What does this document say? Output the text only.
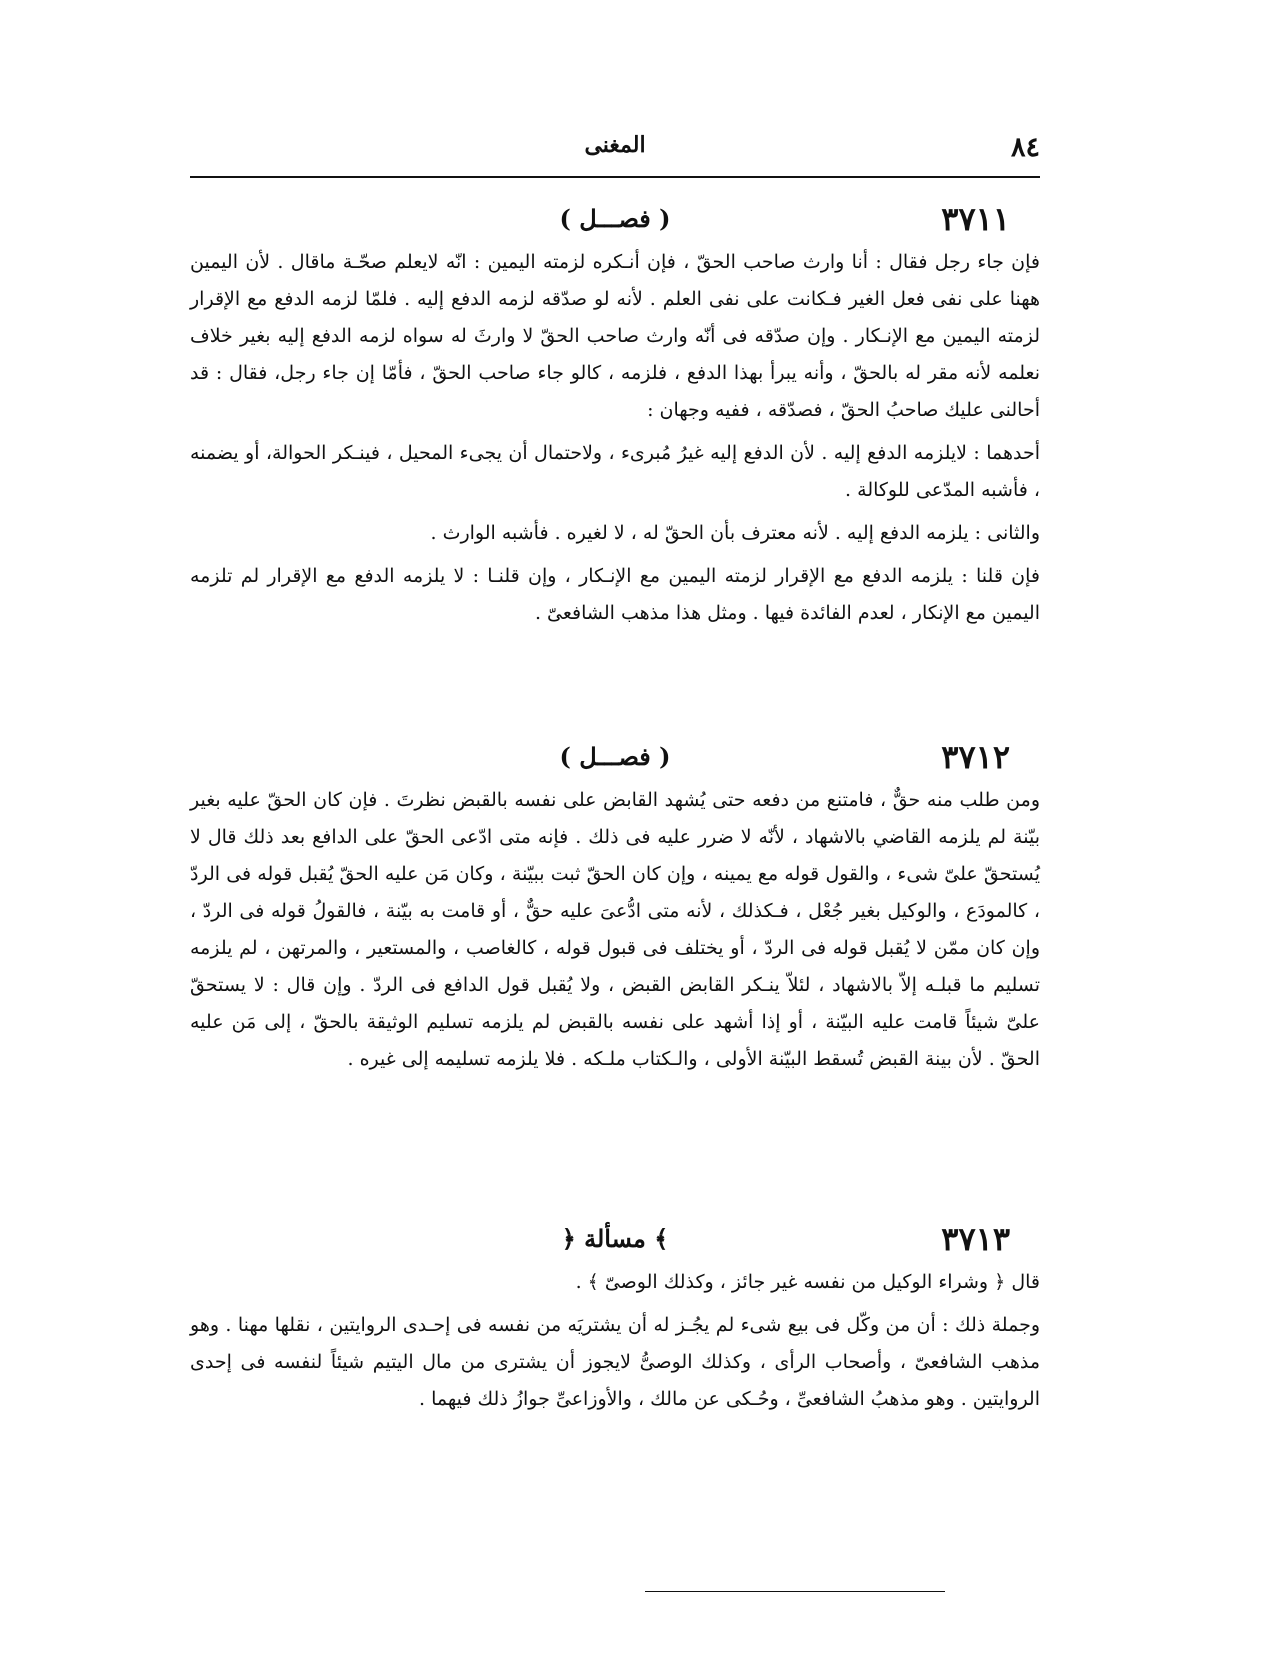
٨٤
المغنى
٣٧١١
( فصـــل )

فإن جاء رجل فقال : أنا وارث صاحب الحقّ ، فإن أنـكره لزمته اليمين : انّه لايعلم صحّـة ماقال . لأن اليمين ههنا على نفى فعل الغير فـكانت على نفى العلم . لأنه لو صدّقه لزمه الدفع إليه . فلمّا لزمه الدفع مع الإقرار لزمته اليمين مع الإنـكار . وإن صدّقه فى أنّه وارث صاحب الحقّ لا وارثَ له سواه لزمه الدفع إليه بغير خلاف نعلمه لأنه مقر له بالحقّ ، وأنه يبرأ بهذا الدفع ، فلزمه ، كالو جاء صاحب الحقّ ، فأمّا إن جاء رجل، فقال : قد أحالنى عليك صاحبُ الحقّ ، فصدّقه ، ففيه وجهان :

أحدهما : لايلزمه الدفع إليه . لأن الدفع إليه غيرُ مُبرىء ، ولاحتمال أن يجىء المحيل ، فينـكر الحوالة، أو يضمنه ، فأشبه المدّعى للوكالة .

والثانى : يلزمه الدفع إليه . لأنه معترف بأن الحقّ له ، لا لغيره . فأشبه الوارث .

فإن قلنا : يلزمه الدفع مع الإقرار لزمته اليمين مع الإنـكار ، وإن قلنـا : لا يلزمه الدفع مع الإقرار لم تلزمه اليمين مع الإنكار ، لعدم الفائدة فيها . ومثل هذا مذهب الشافعىّ .

٣٧١٢
( فصـــل )

ومن طلب منه حقٌّ ، فامتنع من دفعه حتى يُشهد القابض على نفسه بالقبض نظرتَ . فإن كان الحقّ عليه بغير بيّنة لم يلزمه القاضي بالاشهاد ، لأنّه لا ضرر عليه فى ذلك . فإنه متى ادّعى الحقّ على الدافع بعد ذلك قال لا يُستحقّ علىّ شىء ، والقول قوله مع يمينه ، وإن كان الحقّ ثبت ببيّنة ، وكان مَن عليه الحقّ يُقبل قوله فى الردّ ، كالمودَع ، والوكيل بغير جُعْل ، فـكذلك ، لأنه متى ادُّعىَ عليه حقٌّ ، أو قامت به بيّنة ، فالقولُ قوله فى الردّ ، وإن كان ممّن لا يُقبل قوله فى الردّ ، أو يختلف فى قبول قوله ، كالغاصب ، والمستعير ، والمرتهن ، لم يلزمه تسليم ما قبلـه إلاّ بالاشهاد ، لئلاّ ينـكر القابض القبض ، ولا يُقبل قول الدافع فى الردّ . وإن قال : لا يستحقّ علىّ شيئاً قامت عليه البيّنة ، أو إذا أشهد على نفسه بالقبض لم يلزمه تسليم الوثيقة بالحقّ ، إلى مَن عليه الحقّ . لأن بينة القبض تُسقط البيّنة الأولى ، والـكتاب ملـكه . فلا يلزمه تسليمه إلى غيره .

٣٧١٣
﴿ مسألة ﴾

قال ﴿ وشراء الوكيل من نفسه غير جائز ، وكذلك الوصىّ ﴾ .

وجملة ذلك : أن من وكّل فى بيع شىء لم يجُـز له أن يشتريَه من نفسه فى إحـدى الروايتين ، نقلها مهنا . وهو مذهب الشافعىّ ، وأصحاب الرأى ، وكذلك الوصىُّ لايجوز أن يشترى من مال اليتيم شيئاً لنفسه فى إحدى الروايتين . وهو مذهبُ الشافعىِّ ، وحُـكى عن مالك ، والأوزاعىِّ جوازُ ذلك فيهما .
